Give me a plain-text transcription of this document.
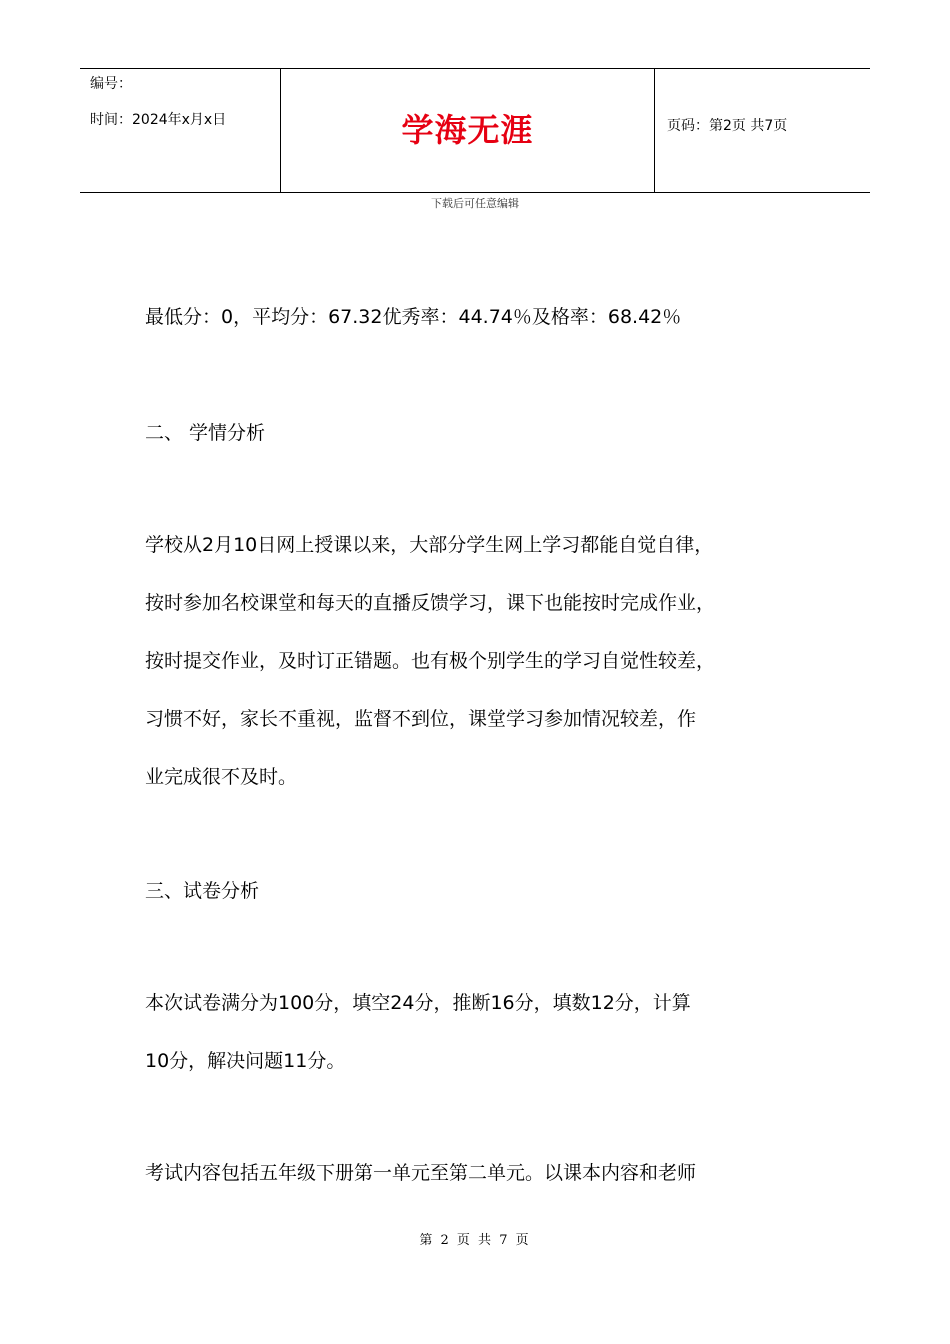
编号：
时间：2024年x月x日	学海无涯	页码：第2页 共7页
下载后可任意编辑
最低分：0，平均分：67.32优秀率：44.74％及格率：68.42％
二、 学情分析
学校从2月10日网上授课以来，大部分学生网上学习都能自觉自律，
按时参加名校课堂和每天的直播反馈学习，课下也能按时完成作业，
按时提交作业，及时订正错题。也有极个别学生的学习自觉性较差，
习惯不好，家长不重视，监督不到位，课堂学习参加情况较差，作
业完成很不及时。
三、试卷分析
本次试卷满分为100分，填空24分，推断16分，填数12分，计算
10分，解决问题11分。
考试内容包括五年级下册第一单元至第二单元。以课本内容和老师
第 2 页 共 7 页
